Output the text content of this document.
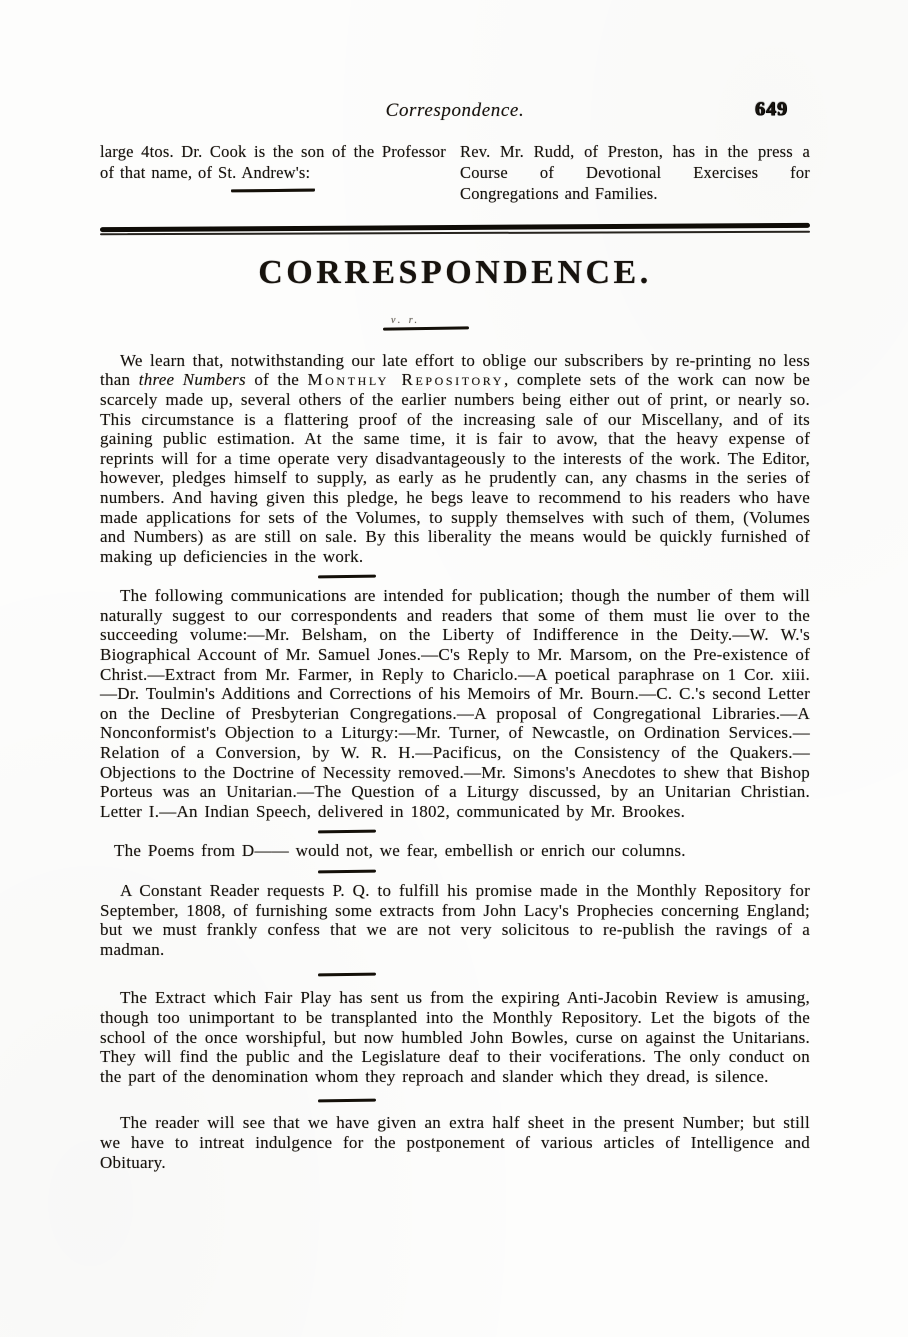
Correspondence.	649
large 4tos. Dr. Cook is the son of the Professor of that name, of St. Andrew's:
Rev. Mr. Rudd, of Preston, has in the press a Course of Devotional Exercises for Congregations and Families.
CORRESPONDENCE.
v. r.

We learn that, notwithstanding our late effort to oblige our subscribers by re-printing no less than three Numbers of the Monthly Repository, complete sets of the work can now be scarcely made up, several others of the earlier numbers being either out of print, or nearly so. This circumstance is a flattering proof of the increasing sale of our Miscellany, and of its gaining public estimation. At the same time, it is fair to avow, that the heavy expense of reprints will for a time operate very disadvantageously to the interests of the work. The Editor, however, pledges himself to supply, as early as he prudently can, any chasms in the series of numbers. And having given this pledge, he begs leave to recommend to his readers who have made applications for sets of the Volumes, to supply themselves with such of them, (Volumes and Numbers) as are still on sale. By this liberality the means would be quickly furnished of making up deficiencies in the work.

The following communications are intended for publication; though the number of them will naturally suggest to our correspondents and readers that some of them must lie over to the succeeding volume:—Mr. Belsham, on the Liberty of Indifference in the Deity.—W. W.'s Biographical Account of Mr. Samuel Jones.—C's Reply to Mr. Marsom, on the Pre-existence of Christ.—Extract from Mr. Farmer, in Reply to Chariclo.—A poetical paraphrase on 1 Cor. xiii.—Dr. Toulmin's Additions and Corrections of his Memoirs of Mr. Bourn.—C. C.'s second Letter on the Decline of Presbyterian Congregations.—A proposal of Congregational Libraries.—A Nonconformist's Objection to a Liturgy:—Mr. Turner, of Newcastle, on Ordination Services.—Relation of a Conversion, by W. R. H.—Pacificus, on the Consistency of the Quakers.—Objections to the Doctrine of Necessity removed.—Mr. Simons's Anecdotes to shew that Bishop Porteus was an Unitarian.—The Question of a Liturgy discussed, by an Unitarian Christian. Letter I.—An Indian Speech, delivered in 1802, communicated by Mr. Brookes.

The Poems from D—— would not, we fear, embellish or enrich our columns.

A Constant Reader requests P. Q. to fulfill his promise made in the Monthly Repository for September, 1808, of furnishing some extracts from John Lacy's Prophecies concerning England; but we must frankly confess that we are not very solicitous to re-publish the ravings of a madman.

The Extract which Fair Play has sent us from the expiring Anti-Jacobin Review is amusing, though too unimportant to be transplanted into the Monthly Repository. Let the bigots of the school of the once worshipful, but now humbled John Bowles, curse on against the Unitarians. They will find the public and the Legislature deaf to their vociferations. The only conduct on the part of the denomination whom they reproach and slander which they dread, is silence.

The reader will see that we have given an extra half sheet in the present Number; but still we have to intreat indulgence for the postponement of various articles of Intelligence and Obituary.
